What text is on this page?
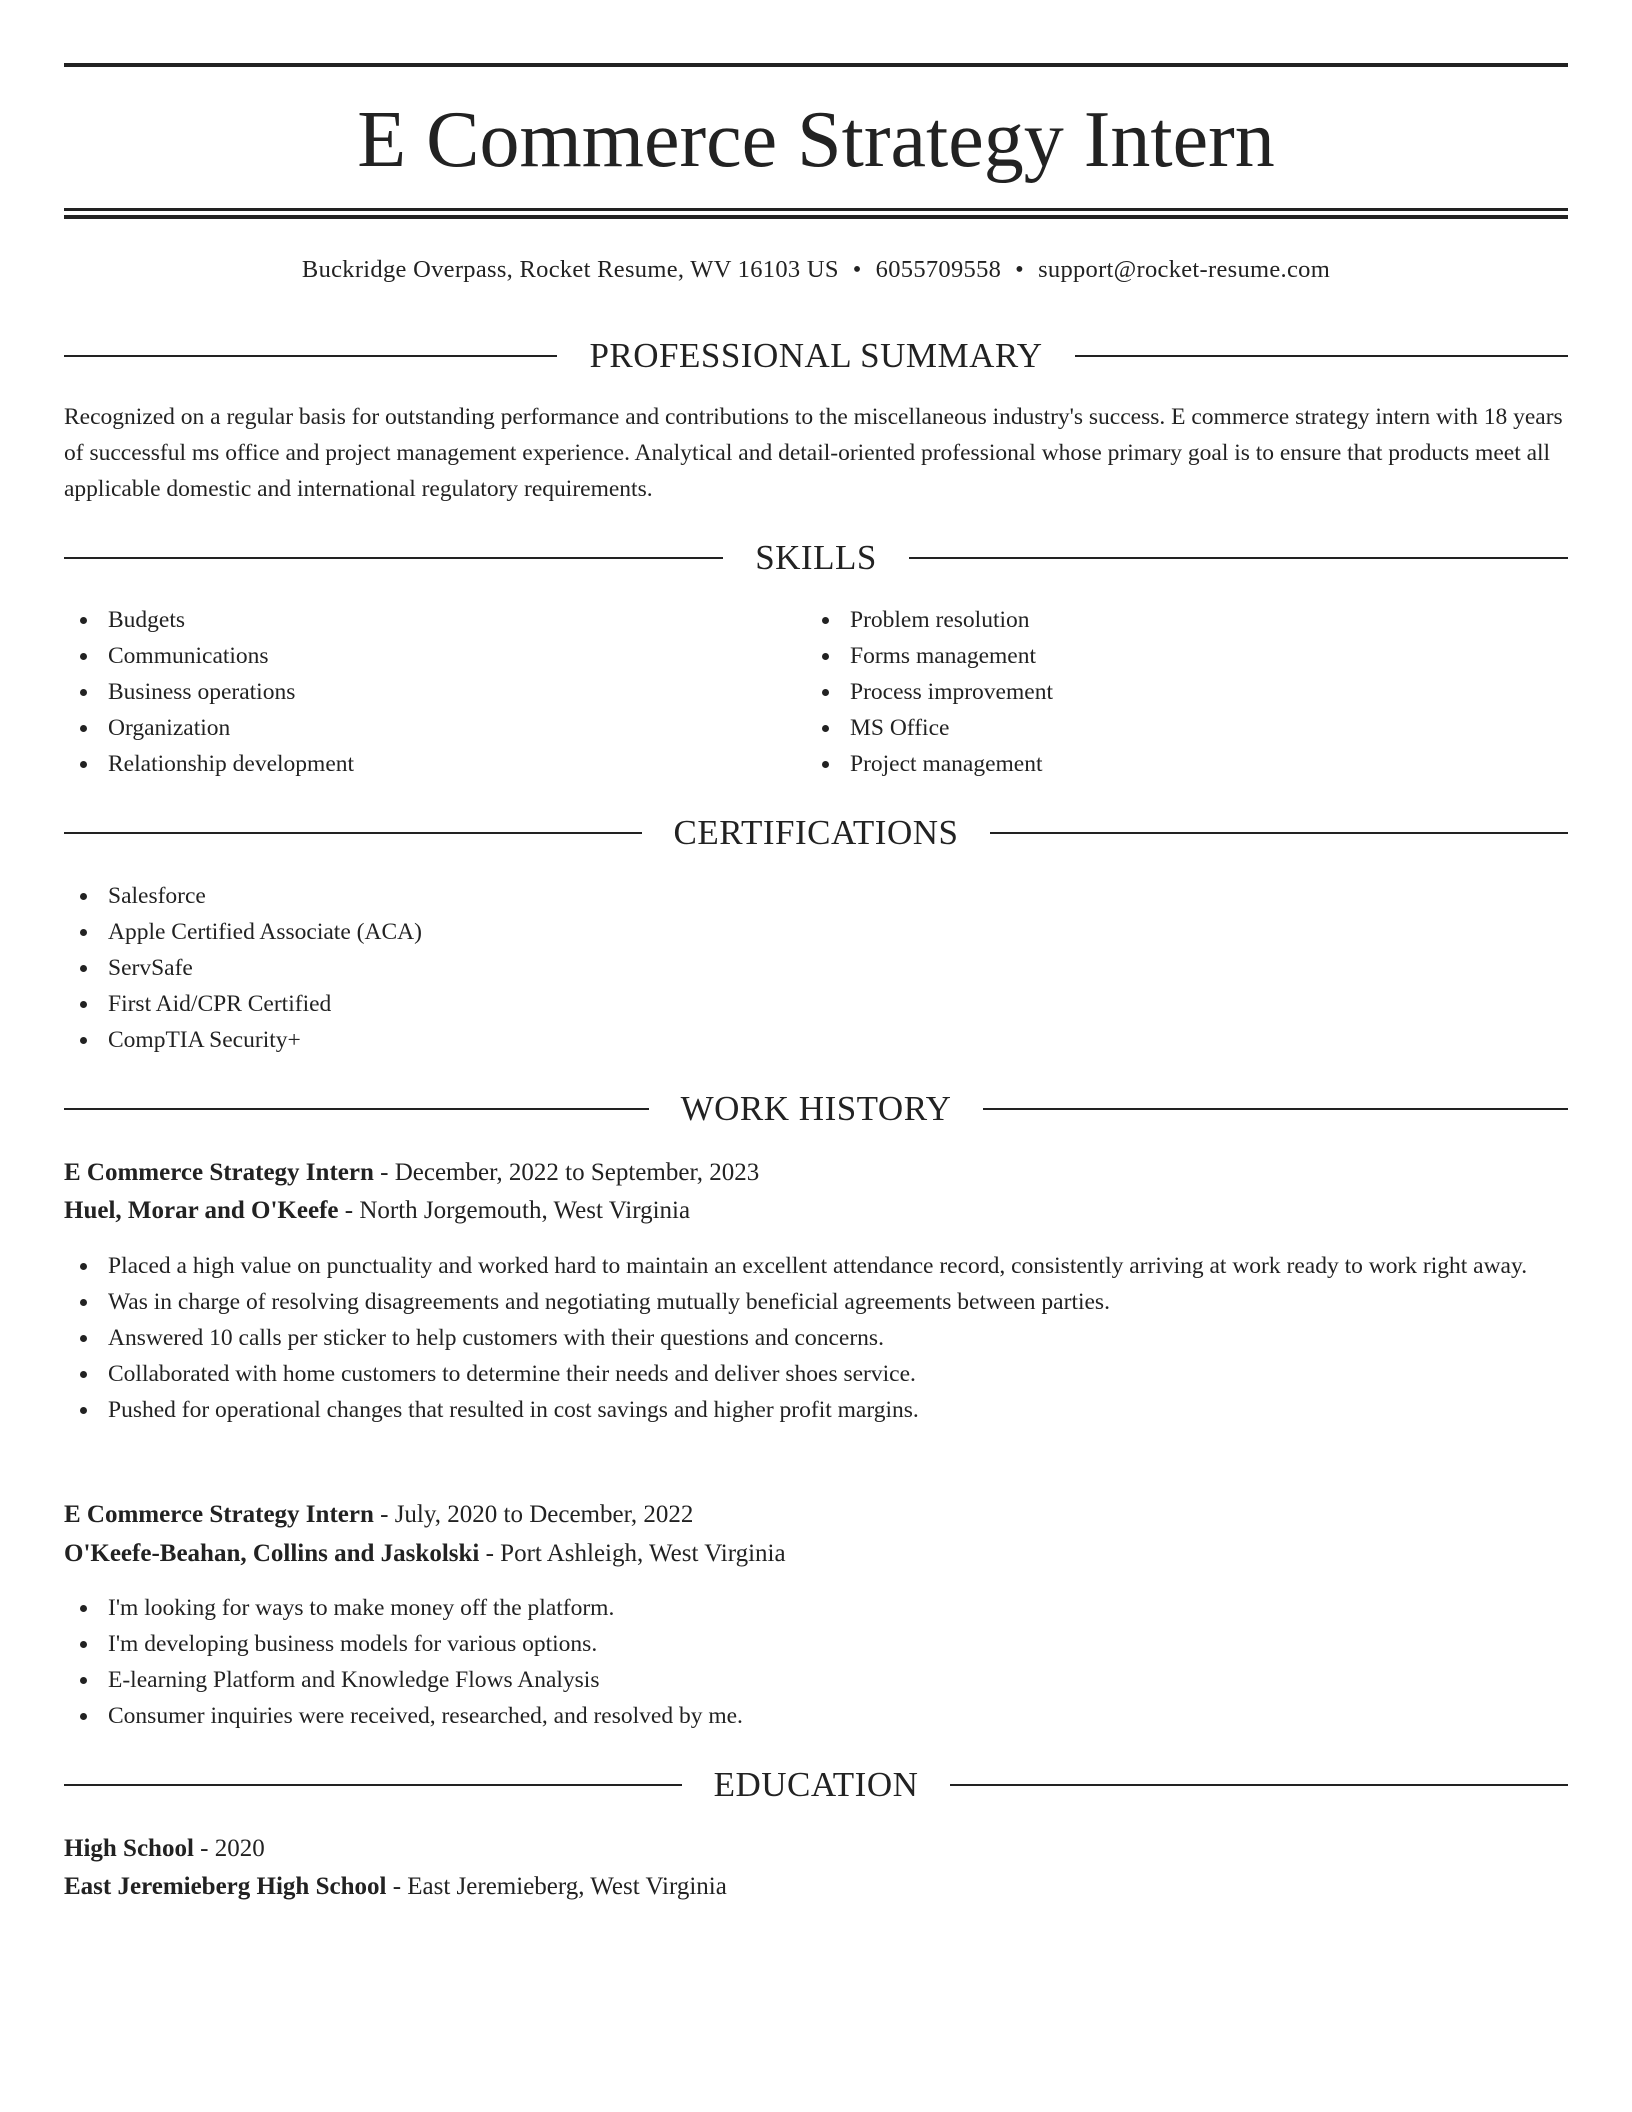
E Commerce Strategy Intern
Buckridge Overpass, Rocket Resume, WV 16103 US • 6055709558 • support@rocket-resume.com
PROFESSIONAL SUMMARY

Recognized on a regular basis for outstanding performance and contributions to the miscellaneous industry's success. E commerce strategy intern with 18 years of successful ms office and project management experience. Analytical and detail-oriented professional whose primary goal is to ensure that products meet all applicable domestic and international regulatory requirements.

SKILLS
Budgets
Communications
Business operations
Organization
Relationship development
Problem resolution
Forms management
Process improvement
MS Office
Project management
CERTIFICATIONS
Salesforce
Apple Certified Associate (ACA)
ServSafe
First Aid/CPR Certified
CompTIA Security+
WORK HISTORY
E Commerce Strategy Intern - December, 2022 to September, 2023
Huel, Morar and O'Keefe - North Jorgemouth, West Virginia
Placed a high value on punctuality and worked hard to maintain an excellent attendance record, consistently arriving at work ready to work right away.
Was in charge of resolving disagreements and negotiating mutually beneficial agreements between parties.
Answered 10 calls per sticker to help customers with their questions and concerns.
Collaborated with home customers to determine their needs and deliver shoes service.
Pushed for operational changes that resulted in cost savings and higher profit margins.
E Commerce Strategy Intern - July, 2020 to December, 2022
O'Keefe-Beahan, Collins and Jaskolski - Port Ashleigh, West Virginia
I'm looking for ways to make money off the platform.
I'm developing business models for various options.
E-learning Platform and Knowledge Flows Analysis
Consumer inquiries were received, researched, and resolved by me.
EDUCATION
High School - 2020
East Jeremieberg High School - East Jeremieberg, West Virginia
